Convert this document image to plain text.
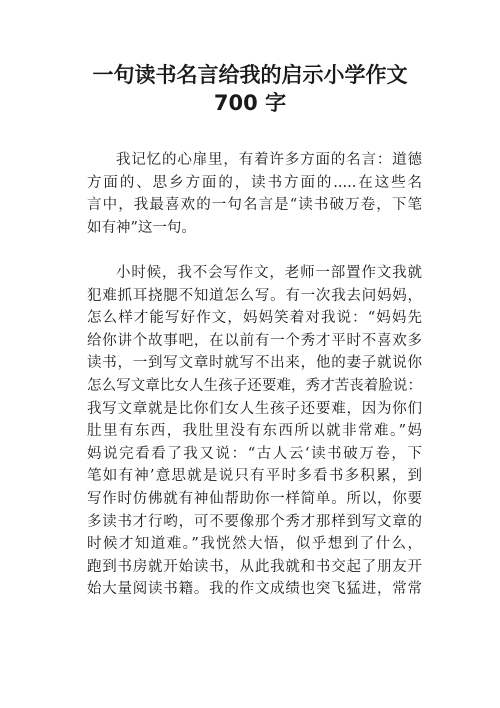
一句读书名言给我的启示小学作文
700 字
我记忆的心扉里，有着许多方面的名言：道德
方面的、思乡方面的，读书方面的.....在这些名
言中，我最喜欢的一句名言是“读书破万卷，下笔
如有神”这一句。
小时候，我不会写作文，老师一部置作文我就
犯难抓耳挠腮不知道怎么写。有一次我去问妈妈，
怎么样才能写好作文，妈妈笑着对我说：“妈妈先
给你讲个故事吧，在以前有一个秀才平时不喜欢多
读书，一到写文章时就写不出来，他的妻子就说你
怎么写文章比女人生孩子还要难，秀才苦丧着脸说：
我写文章就是比你们女人生孩子还要难，因为你们
肚里有东西，我肚里没有东西所以就非常难。”妈
妈说完看看了我又说：“古人云‘读书破万卷，下
笔如有神’意思就是说只有平时多看书多积累，到
写作时仿佛就有神仙帮助你一样简单。所以，你要
多读书才行哟，可不要像那个秀才那样到写文章的
时候才知道难。”我恍然大悟，似乎想到了什么，
跑到书房就开始读书，从此我就和书交起了朋友开
始大量阅读书籍。我的作文成绩也突飞猛进，常常
